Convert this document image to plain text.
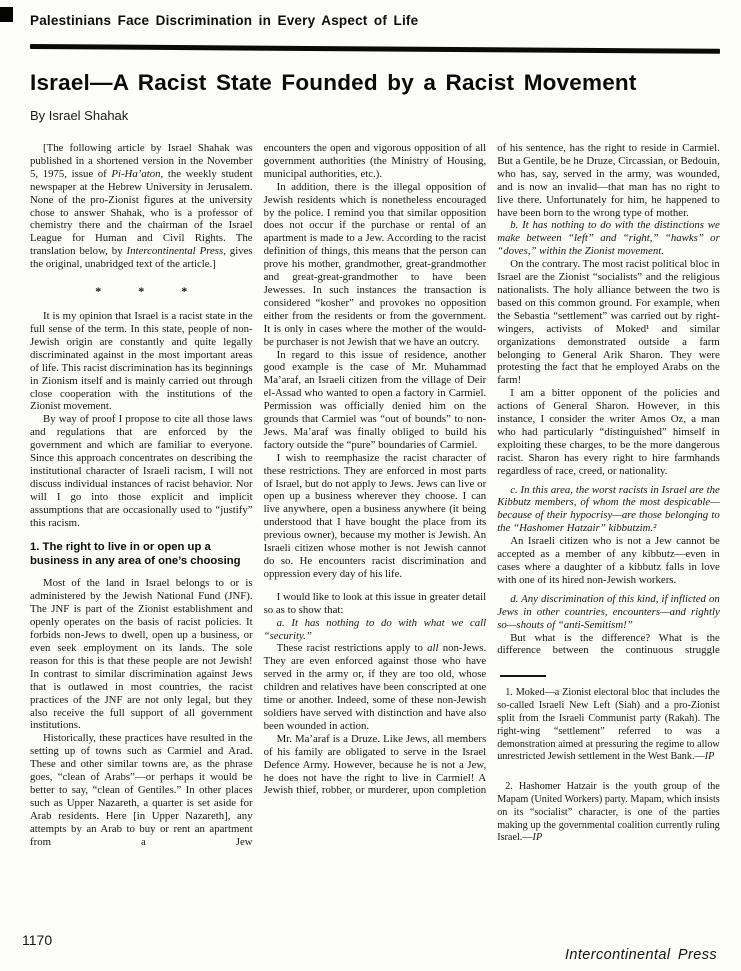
Palestinians Face Discrimination in Every Aspect of Life
Israel—A Racist State Founded by a Racist Movement
By Israel Shahak

[The following article by Israel Shahak was published in a shortened version in the November 5, 1975, issue of Pi-Ha’aton, the weekly student newspaper at the Hebrew University in Jerusalem. None of the pro-Zionist figures at the university chose to answer Shahak, who is a professor of chemistry there and the chairman of the Israel League for Human and Civil Rights. The translation below, by Intercontinental Press, gives the original, unabridged text of the article.]

* * *

It is my opinion that Israel is a racist state in the full sense of the term. In this state, people of non-Jewish origin are constantly and quite legally discriminated against in the most important areas of life. This racist discrimination has its beginnings in Zionism itself and is mainly carried out through close cooperation with the institutions of the Zionist movement.

By way of proof I propose to cite all those laws and regulations that are enforced by the government and which are familiar to everyone. Since this approach concentrates on describing the institutional character of Israeli racism, I will not discuss individual instances of racist behavior. Nor will I go into those explicit and implicit assumptions that are occasionally used to “justify” this racism.

1. The right to live in or open up a business in any area of one’s choosing

Most of the land in Israel belongs to or is administered by the Jewish National Fund (JNF). The JNF is part of the Zionist establishment and openly operates on the basis of racist policies. It forbids non-Jews to dwell, open up a business, or even seek employment on its lands. The sole reason for this is that these people are not Jewish! In contrast to similar discrimination against Jews that is outlawed in most countries, the racist practices of the JNF are not only legal, but they also receive the full support of all government institutions.

Historically, these practices have resulted in the setting up of towns such as Carmiel and Arad. These and other similar towns are, as the phrase goes, “clean of Arabs”—or perhaps it would be better to say, “clean of Gentiles.” In other places such as Upper Nazareth, a quarter is set aside for Arab residents. Here [in Upper Nazareth], any attempts by an Arab to buy or rent an apartment from a Jew

encounters the open and vigorous opposition of all government authorities (the Ministry of Housing, municipal authorities, etc.).

In addition, there is the illegal opposition of Jewish residents which is nonetheless encouraged by the police. I remind you that similar opposition does not occur if the purchase or rental of an apartment is made to a Jew. According to the racist definition of things, this means that the person can prove his mother, grandmother, great-grandmother and great-great-grandmother to have been Jewesses. In such instances the transaction is considered “kosher” and provokes no opposition either from the residents or from the government. It is only in cases where the mother of the would-be purchaser is not Jewish that we have an outcry.

In regard to this issue of residence, another good example is the case of Mr. Muhammad Ma’araf, an Israeli citizen from the village of Deir el-Assad who wanted to open a factory in Carmiel. Permission was officially denied him on the grounds that Carmiel was “out of bounds” to non-Jews. Ma’araf was finally obliged to build his factory outside the “pure” boundaries of Carmiel.

I wish to reemphasize the racist character of these restrictions. They are enforced in most parts of Israel, but do not apply to Jews. Jews can live or open up a business wherever they choose. I can live anywhere, open a business anywhere (it being understood that I have bought the place from its previous owner), because my mother is Jewish. An Israeli citizen whose mother is not Jewish cannot do so. He encounters racist discrimination and oppression every day of his life.

I would like to look at this issue in greater detail so as to show that:

a. It has nothing to do with what we call “security.”

These racist restrictions apply to all non-Jews. They are even enforced against those who have served in the army or, if they are too old, whose children and relatives have been conscripted at one time or another. Indeed, some of these non-Jewish soldiers have served with distinction and have also been wounded in action.

Mr. Ma’araf is a Druze. Like Jews, all members of his family are obligated to serve in the Israel Defence Army. However, because he is not a Jew, he does not have the right to live in Carmiel! A Jewish thief, robber, or murderer, upon completion

of his sentence, has the right to reside in Carmiel. But a Gentile, be he Druze, Circassian, or Bedouin, who has, say, served in the army, was wounded, and is now an invalid—that man has no right to live there. Unfortunately for him, he happened to have been born to the wrong type of mother.

b. It has nothing to do with the distinctions we make between “left” and “right,” “hawks” or “doves,” within the Zionist movement.

On the contrary. The most racist political bloc in Israel are the Zionist “socialists” and the religious nationalists. The holy alliance between the two is based on this common ground. For example, when the Sebastia “settlement” was carried out by right-wingers, activists of Moked¹ and similar organizations demonstrated outside a farm belonging to General Arik Sharon. They were protesting the fact that he employed Arabs on the farm!

I am a bitter opponent of the policies and actions of General Sharon. However, in this instance, I consider the writer Amos Oz, a man who had particularly “distinguished” himself in exploiting these charges, to be the more dangerous racist. Sharon has every right to hire farmhands regardless of race, creed, or nationality.

c. In this area, the worst racists in Israel are the Kibbutz members, of whom the most despicable—because of their hypocrisy—are those belonging to the “Hashomer Hatzair” kibbutzim.²

An Israeli citizen who is not a Jew cannot be accepted as a member of any kibbutz—even in cases where a daughter of a kibbutz falls in love with one of its hired non-Jewish workers.

d. Any discrimination of this kind, if inflicted on Jews in other countries, encounters—and rightly so—shouts of “anti-Semitism!”

But what is the difference? What is the difference between the continuous struggle

1. Moked—a Zionist electoral bloc that includes the so-called Israeli New Left (Siah) and a pro-Zionist split from the Israeli Communist party (Rakah). The right-wing “settlement” referred to was a demonstration aimed at pressuring the regime to allow unrestricted Jewish settlement in the West Bank.—IP

2. Hashomer Hatzair is the youth group of the Mapam (United Workers) party. Mapam, which insists on its “socialist” character, is one of the parties making up the governmental coalition currently ruling Israel.—IP

1170
Intercontinental Press
